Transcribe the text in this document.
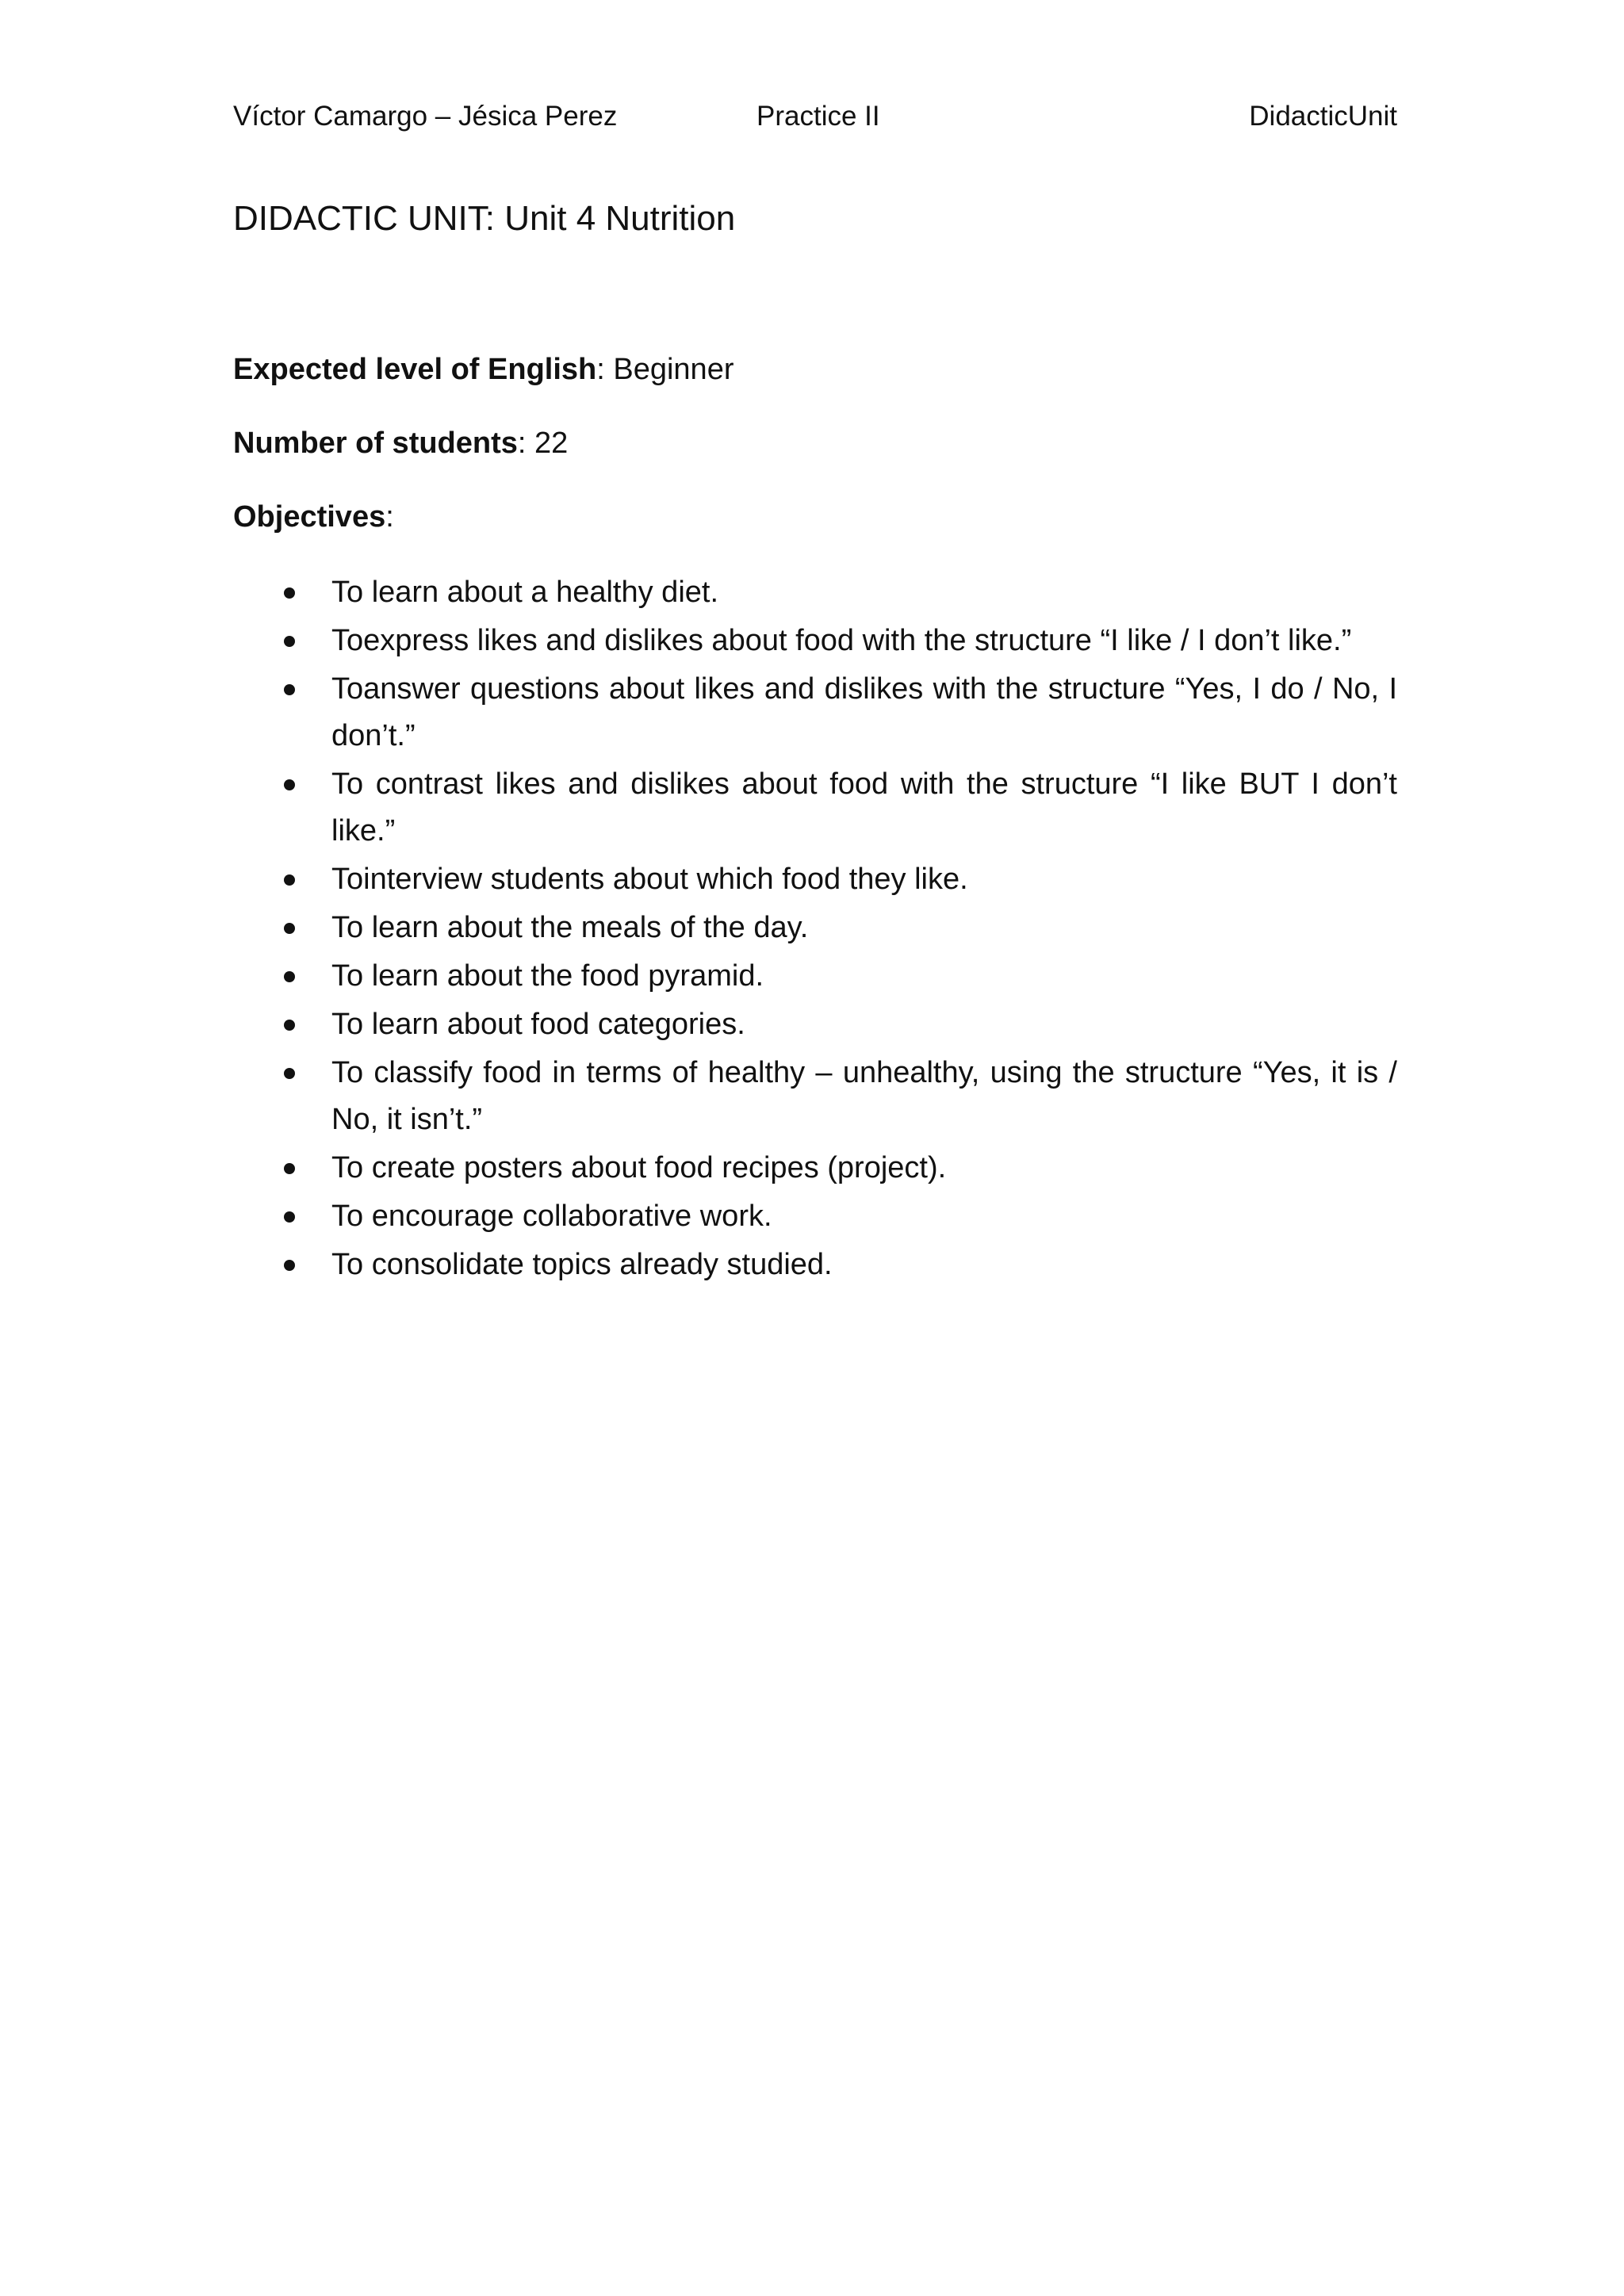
Víctor Camargo – Jésica Perez	Practice II	DidacticUnit
DIDACTIC UNIT: Unit 4 Nutrition
Expected level of English: Beginner
Number of students: 22
Objectives:
To learn about a healthy diet.
Toexpress likes and dislikes about food with the structure “I like / I don’t like.”
Toanswer questions about likes and dislikes with the structure “Yes, I do / No, I don’t.”
To contrast likes and dislikes about food with the structure “I like BUT I don’t like.”
Tointerview students about which food they like.
To learn about the meals of the day.
To learn about the food pyramid.
To learn about food categories.
To classify food in terms of healthy – unhealthy, using the structure “Yes, it is / No, it isn’t.”
To create posters about food recipes (project).
To encourage collaborative work.
To consolidate topics already studied.
